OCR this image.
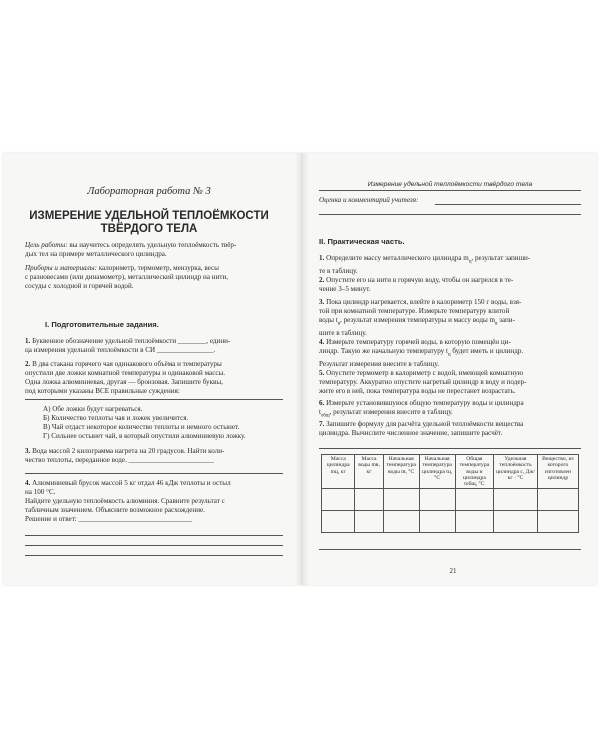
Лабораторная работа № 3
ИЗМЕРЕНИЕ УДЕЛЬНОЙ ТЕПЛОЁМКОСТИ
ТВЁРДОГО ТЕЛА
Цель работы: вы научитесь определять удельную теплоёмкость твёр-
дых тел на примере металлического цилиндра.
Приборы и материалы: калориметр, термометр, мензурка, весы
с разновесами (или динамометр), металлический цилиндр на нити,
сосуды с холодной и горячей водой.
I. Подготовительные задания.
1. Буквенное обозначение удельной теплоёмкости ________, едини-
ца измерения удельной теплоёмкости в СИ ________________.
2. В два стакана горячего чая одинакового объёма и температуры
опустили две ложки комнатной температуры и одинаковой массы.
Одна ложка алюминиевая, другая — бронзовая. Запишите буквы,
под которыми указаны ВСЕ правильные суждения:
А) Обе ложки будут нагреваться.
Б) Количество теплоты чая и ложек увеличится.
В) Чай отдаст некоторое количество теплоты и немного остынет.
Г) Сильнее остынет чай, в который опустили алюминиевую ложку.
3. Вода массой 2 килограмма нагрета на 20 градусов. Найти коли-
чество теплоты, переданное воде. ________________________
4. Алюминиевый брусок массой 5 кг отдал 46 кДж теплоты и остыл
на 100 °С.
Найдите удельную теплоёмкость алюминия. Сравните результат с
табличным значением. Объясните возможное расхождение.
Решение и ответ: ________________________________
Измерение удельной теплоёмкости твёрдого тела
Оценка и комментарий учителя:
II. Практическая часть.
1. Определите массу металлического цилиндра $m_ц$, результат запиши-
те в таблицу.
2. Опустите его на нити в горячую воду, чтобы он нагрелся в те-
чение 3–5 минут.
3. Пока цилиндр нагревается, влейте в калориметр 150 г воды, взя-
той при комнатной температуре. Измерьте температуру влитой
воды $t_в$, результат измерения температуры и массу воды $m_в$ запи-
шите в таблицу.
4. Измерьте температуру горячей воды, в которую помещён ци-
линдр. Такую же начальную температуру $t_ц$ будет иметь и цилиндр.
Результат измерения внесите в таблицу.
5. Опустите термометр в калориметр с водой, имеющей комнатную
температуру. Аккуратно опустите нагретый цилиндр в воду и подер-
жите его в ней, пока температура воды не перестанет возрастать.
6. Измерьте установившуюся общую температуру воды и цилиндра
$t_{общ}$, результат измерения внесите в таблицу.
7. Запишите формулу для расчёта удельной теплоёмкости вещества
цилиндра. Вычислите численное значение, запишите расчёт.
Масса цилиндра mц, кг	Масса воды mв, кг	Начальная температура воды tв, °С	Начальная температура цилиндра tц, °С	Общая температура воды и цилиндра tобщ, °С	Удельная теплоёмкость цилиндра с, Дж/кг · °С	Вещество, из которого изготовлен цилиндр

21
